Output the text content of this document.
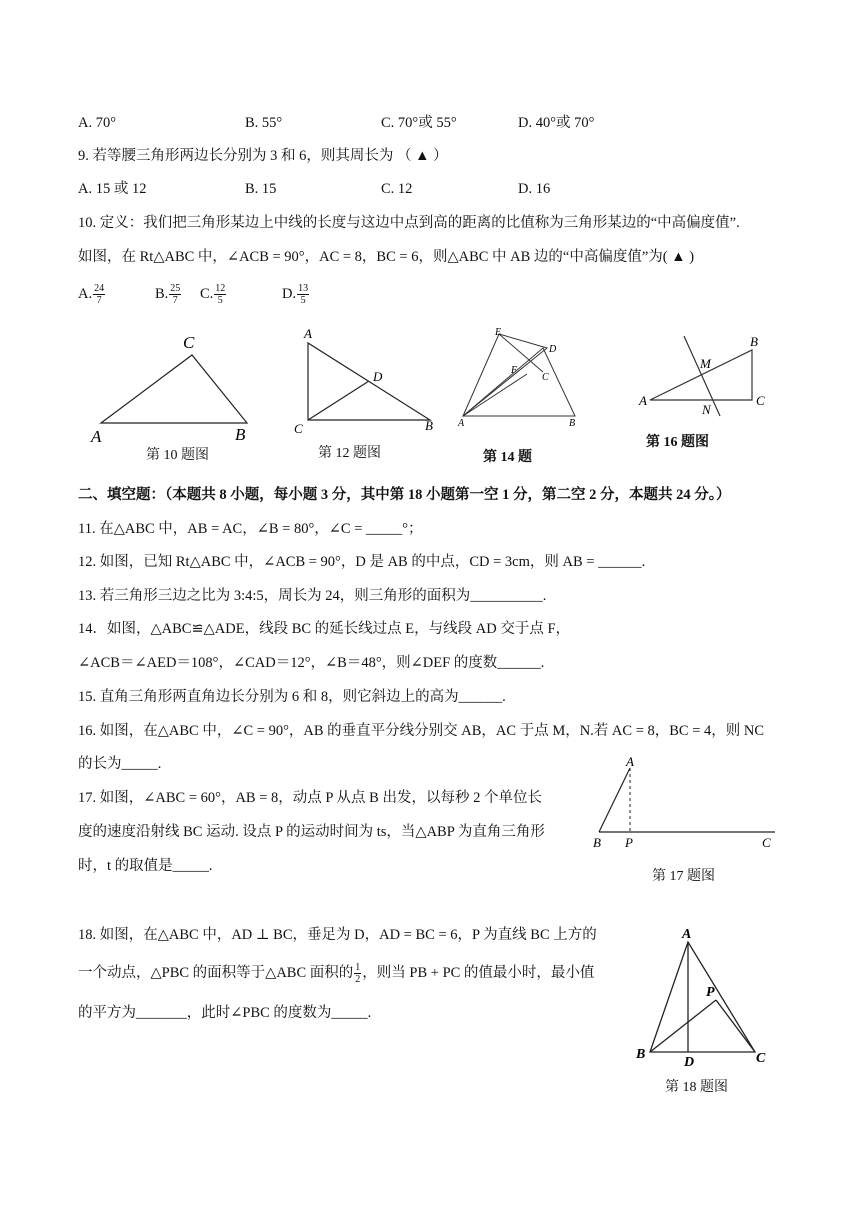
A. 70°	B. 55°	C. 70°或 55°	D. 40°或 70°
9. 若等腰三角形两边长分别为 3 和 6，则其周长为 （ ▲ ）
A. 15 或 12	B. 15	C. 12	D. 16
10. 定义：我们把三角形某边上中线的长度与这边中点到高的距离的比值称为三角形某边的“中高偏度值”.
如图，在 Rt△ABC 中，∠ACB = 90°，AC = 8，BC = 6，则△ABC 中 AB 边的“中高偏度值”为( ▲ )
A. $\frac{24}{7}$	B. $\frac{25}{7} C$. $\frac{12}{5}$	D. $\frac{13}{5}$
C
A	B
第 10 题图
A
C	B
D
第 12 题图
E
D
F
C
A	B
第 14 题
A
B
C
M
N
第 16 题图
二、填空题：（本题共 8 小题，每小题 3 分，其中第 18 小题第一空 1 分，第二空 2 分，本题共 24 分。）
11. 在△ABC 中，AB = AC，∠B = 80°，∠C = _____°；
12. 如图，已知 Rt△ABC 中，∠ACB = 90°，D 是 AB 的中点，CD = 3cm，则 AB = ______.
13. 若三角形三边之比为 3:4:5，周长为 24，则三角形的面积为__________.
14．如图，△ABC≌△ADE，线段 BC 的延长线过点 E，与线段 AD 交于点 F，
∠ACB＝∠AED＝108°，∠CAD＝12°，∠B＝48°，则∠DEF 的度数______.
15. 直角三角形两直角边长分别为 6 和 8，则它斜边上的高为______.
16. 如图，在△ABC 中，∠C = 90°，AB 的垂直平分线分别交 AB，AC 于点 M，N.若 AC = 8，BC = 4，则 NC
的长为_____.
17. 如图，∠ABC = 60°，AB = 8，动点 P 从点 B 出发，以每秒 2 个单位长
度的速度沿射线 BC 运动. 设点 P 的运动时间为 ts，当△ABP 为直角三角形
时，t 的取值是_____.
A
B P	C
第 17 题图
18. 如图，在△ABC 中，AD ⊥ BC，垂足为 D，AD = BC = 6，P 为直线 BC 上方的
一个动点，△PBC 的面积等于△ABC 面积的 $\frac{1}{2}$ ，则当 PB + PC 的值最小时，最小值
的平方为_______，此时∠PBC 的度数为_____.
A
B
D	C
P
第 18 题图
